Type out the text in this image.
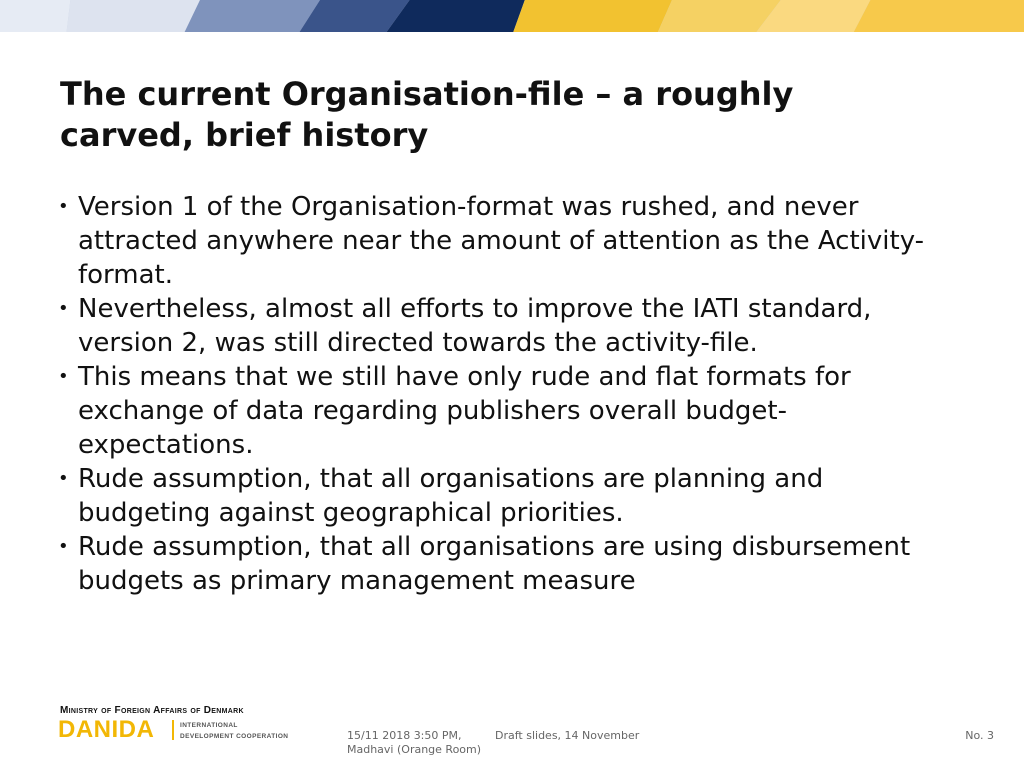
The current Organisation-file – a roughly
carved, brief history
• Version 1 of the Organisation-format was rushed, and never attracted anywhere near the amount of attention as the Activity-format.
• Nevertheless, almost all efforts to improve the IATI standard, version 2, was still directed towards the activity-file.
• This means that we still have only rude and flat formats for exchange of data regarding publishers overall budget-expectations.
• Rude assumption, that all organisations are planning and budgeting against geographical priorities.
• Rude assumption, that all organisations are using disbursement budgets as primary management measure
Ministry of Foreign Affairs of Denmark
DANIDA	INTERNATIONAL
DEVELOPMENT COOPERATION	15/11 2018 3:50 PM,
Madhavi (Orange Room)
Draft slides, 14 November	No. 3
